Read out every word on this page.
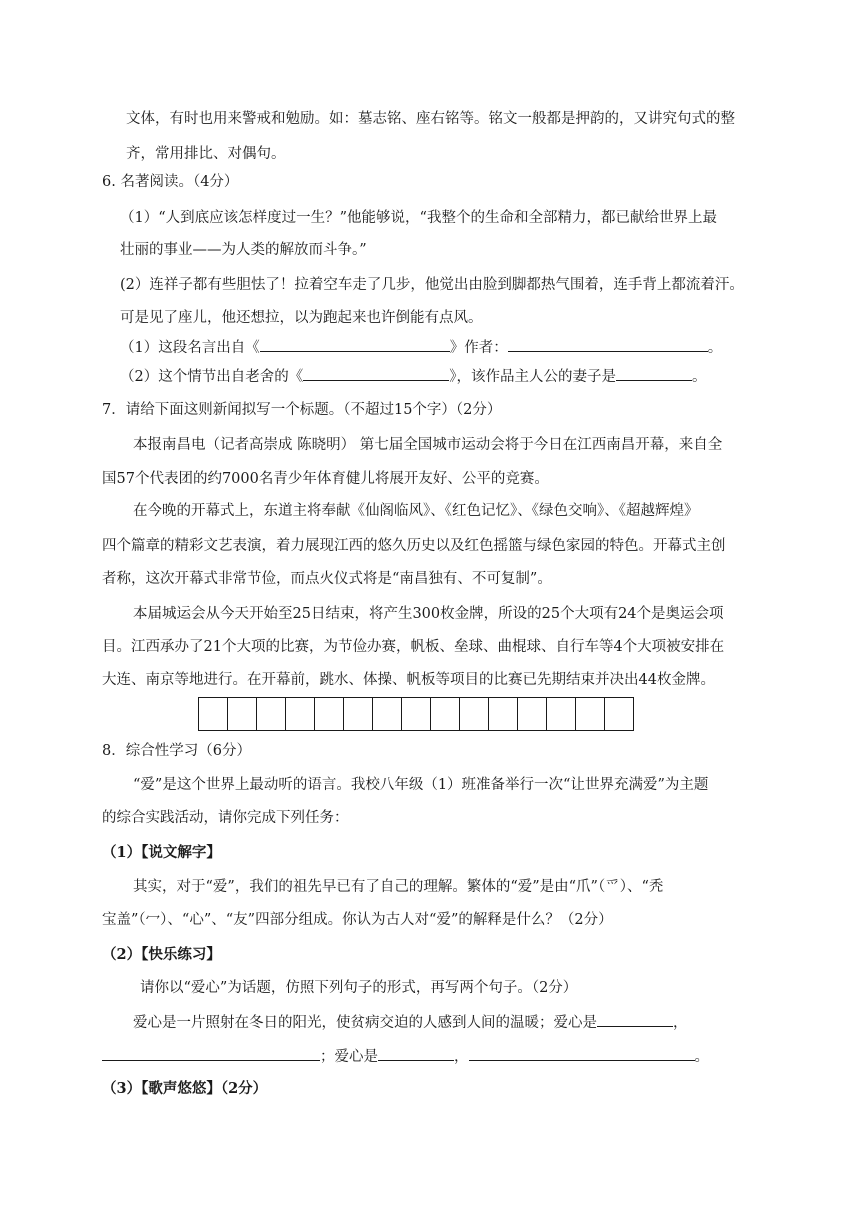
文体，有时也用来警戒和勉励。如：墓志铭、座右铭等。铭文一般都是押韵的，又讲究句式的整
齐，常用排比、对偶句。
6. 名著阅读。（4分）
（1）“人到底应该怎样度过一生？”他能够说，“我整个的生命和全部精力，都已献给世界上最
壮丽的事业——为人类的解放而斗争。”
(2）连祥子都有些胆怯了！拉着空车走了几步，他觉出由脸到脚都热气围着，连手背上都流着汗。
可是见了座儿，他还想拉，以为跑起来也许倒能有点风。
（1）这段名言出自《	》作者：	。
（2）这个情节出自老舍的《	》，该作品主人公的妻子是	。
7．请给下面这则新闻拟写一个标题。（不超过15个字）（2分）
本报南昌电（记者高崇成 陈晓明） 第七届全国城市运动会将于今日在江西南昌开幕，来自全
国57个代表团的约7000名青少年体育健儿将展开友好、公平的竞赛。
在今晚的开幕式上，东道主将奉献《仙阁临风》、《红色记忆》、《绿色交响》、《超越辉煌》
四个篇章的精彩文艺表演，着力展现江西的悠久历史以及红色摇篮与绿色家园的特色。开幕式主创
者称，这次开幕式非常节俭，而点火仪式将是“南昌独有、不可复制”。
本届城运会从今天开始至25日结束，将产生300枚金牌，所设的25个大项有24个是奥运会项
目。江西承办了21个大项的比赛，为节俭办赛，帆板、垒球、曲棍球、自行车等4个大项被安排在
大连、南京等地进行。在开幕前，跳水、体操、帆板等项目的比赛已先期结束并决出44枚金牌。
8．综合性学习（6分）
“爱”是这个世界上最动听的语言。我校八年级（1）班准备举行一次“让世界充满爱”为主题
的综合实践活动，请你完成下列任务：
（1）【说文解字】
其实，对于“爱”，我们的祖先早已有了自己的理解。繁体的“爱”是由“爪”（爫）、“秃
宝盖”（冖）、“心”、“友”四部分组成。你认为古人对“爱”的解释是什么？（2分）
（2）【快乐练习】
请你以“爱心”为话题，仿照下列句子的形式，再写两个句子。（2分）
爱心是一片照射在冬日的阳光，使贫病交迫的人感到人间的温暖；爱心是	，
；爱心是	，	。
（3）【歌声悠悠】（2分）
